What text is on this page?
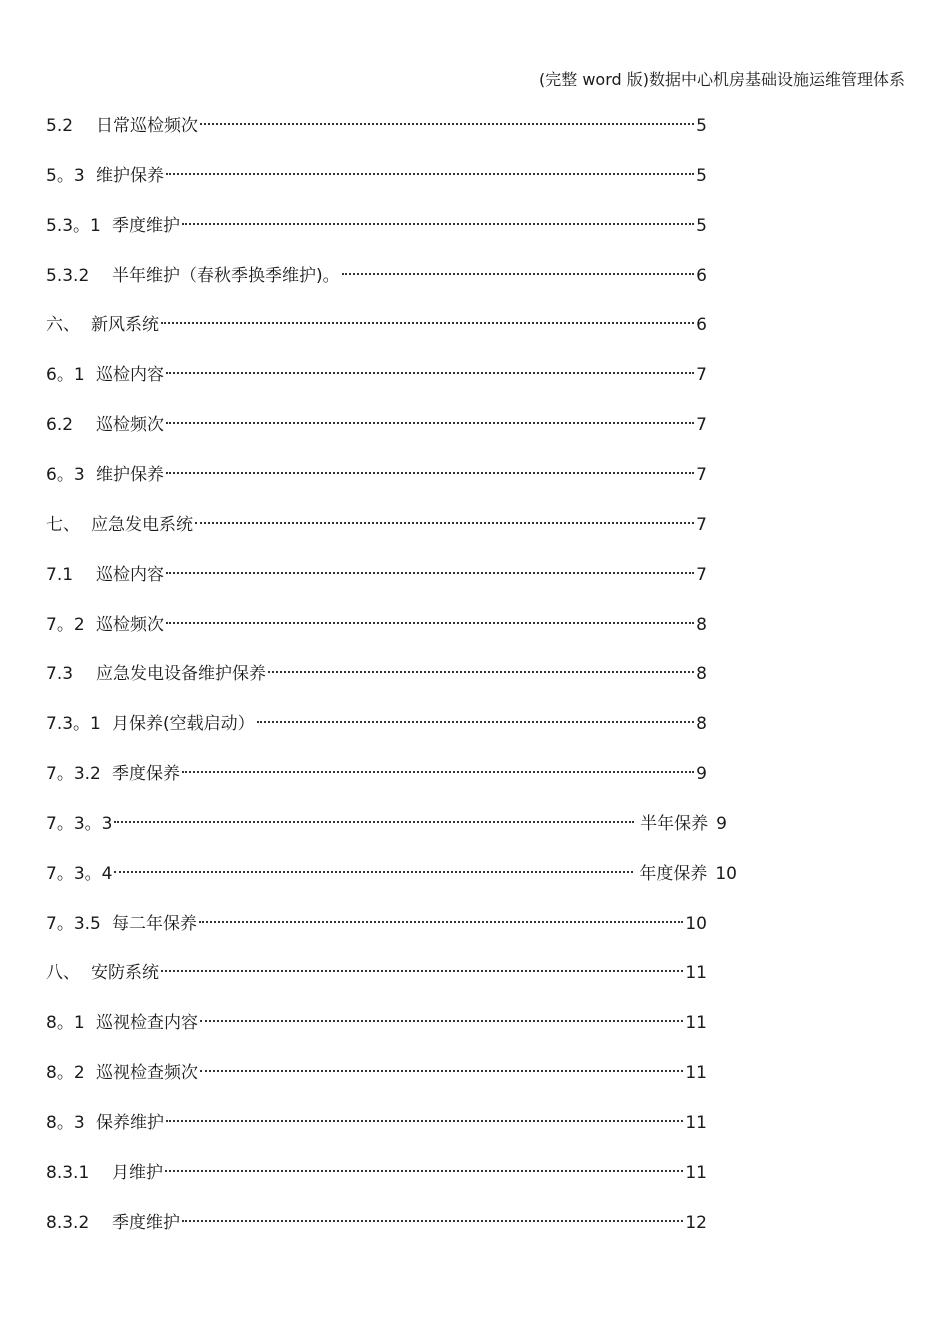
(完整 word 版)数据中心机房基础设施运维管理体系
5.2	日常巡检频次	5
5。3 维护保养	5
5.3。1 季度维护	5
5.3.2	半年维护（春秋季换季维护)。	6
六、 新风系统	6
6。1 巡检内容	7
6.2	巡检频次	7
6。3 维护保养	7
七、 应急发电系统	7
7.1	巡检内容	7
7。2 巡检频次	8
7.3	应急发电设备维护保养	8
7.3。1 月保养(空载启动）	8
7。3.2 季度保养	9
7。3。3	半年保养 9
7。3。4	年度保养 10
7。3.5 每二年保养	10
八、 安防系统	11
8。1 巡视检查内容	11
8。2 巡视检查频次	11
8。3 保养维护	11
8.3.1	月维护	11
8.3.2	季度维护	12
